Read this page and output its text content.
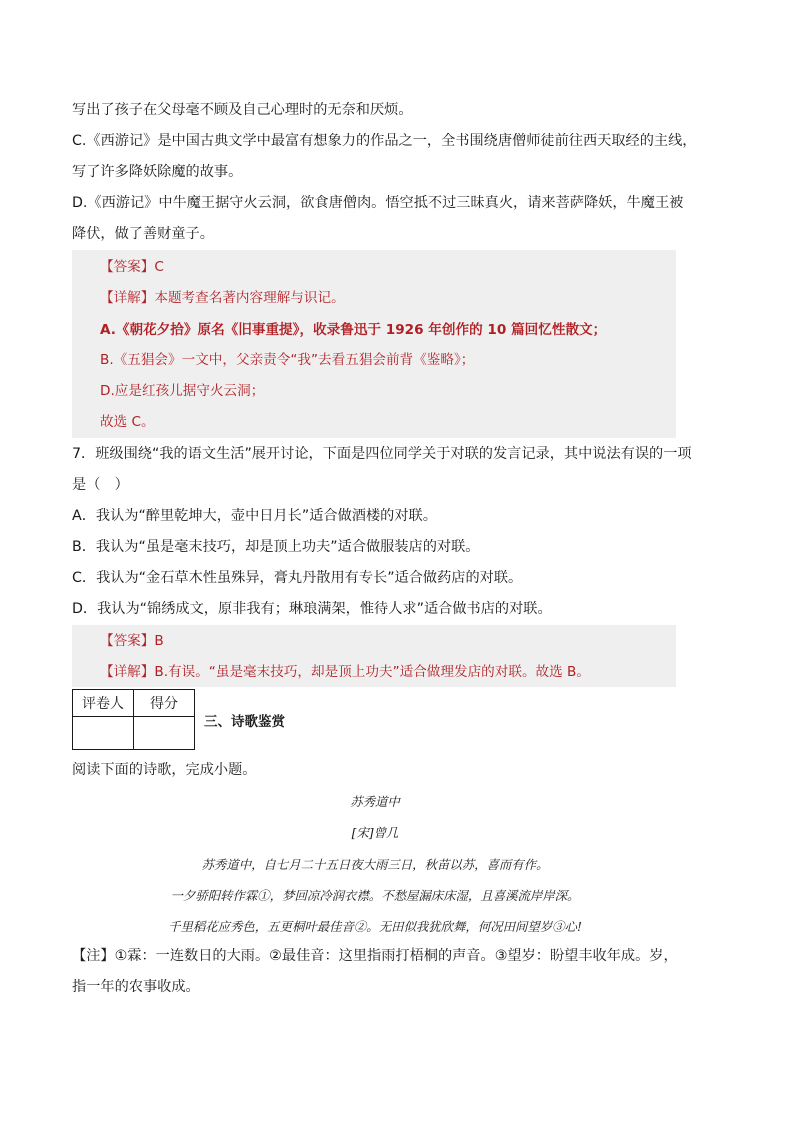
写出了孩子在父母毫不顾及自己心理时的无奈和厌烦。
C.《西游记》是中国古典文学中最富有想象力的作品之一，全书围绕唐僧师徒前往西天取经的主线，
写了许多降妖除魔的故事。
D.《西游记》中牛魔王据守火云洞，欲食唐僧肉。悟空抵不过三昧真火，请来菩萨降妖，牛魔王被
降伏，做了善财童子。
【答案】C
【详解】本题考查名著内容理解与识记。
A.《朝花夕拾》原名《旧事重提》，收录鲁迅于 1926 年创作的 10 篇回忆性散文；
B.《五猖会》一文中，父亲责令“我”去看五猖会前背《鉴略》；
D.应是红孩儿据守火云洞；
故选 C。
7．班级围绕“我的语文生活”展开讨论，下面是四位同学关于对联的发言记录，其中说法有误的一项
是（　）
A．我认为“醉里乾坤大，壶中日月长”适合做酒楼的对联。
B．我认为“虽是毫末技巧，却是顶上功夫”适合做服装店的对联。
C．我认为“金石草木性虽殊异，膏丸丹散用有专长”适合做药店的对联。
D．我认为“锦绣成文，原非我有；琳琅满架，惟待人求”适合做书店的对联。
【答案】B
【详解】B.有误。“虽是毫末技巧，却是顶上功夫”适合做理发店的对联。故选 B。
评卷人	得分

三、诗歌鉴赏
阅读下面的诗歌，完成小题。
苏秀道中
[宋]曾几
苏秀道中，自七月二十五日夜大雨三日，秋苗以苏，喜而有作。
一夕骄阳转作霖①，梦回凉冷润衣襟。不愁屋漏床床湿，且喜溪流岸岸深。
千里稻花应秀色，五更桐叶最佳音②。无田似我犹欣舞，何况田间望岁③心!
【注】①霖：一连数日的大雨。②最佳音：这里指雨打梧桐的声音。③望岁：盼望丰收年成。岁，
指一年的农事收成。
